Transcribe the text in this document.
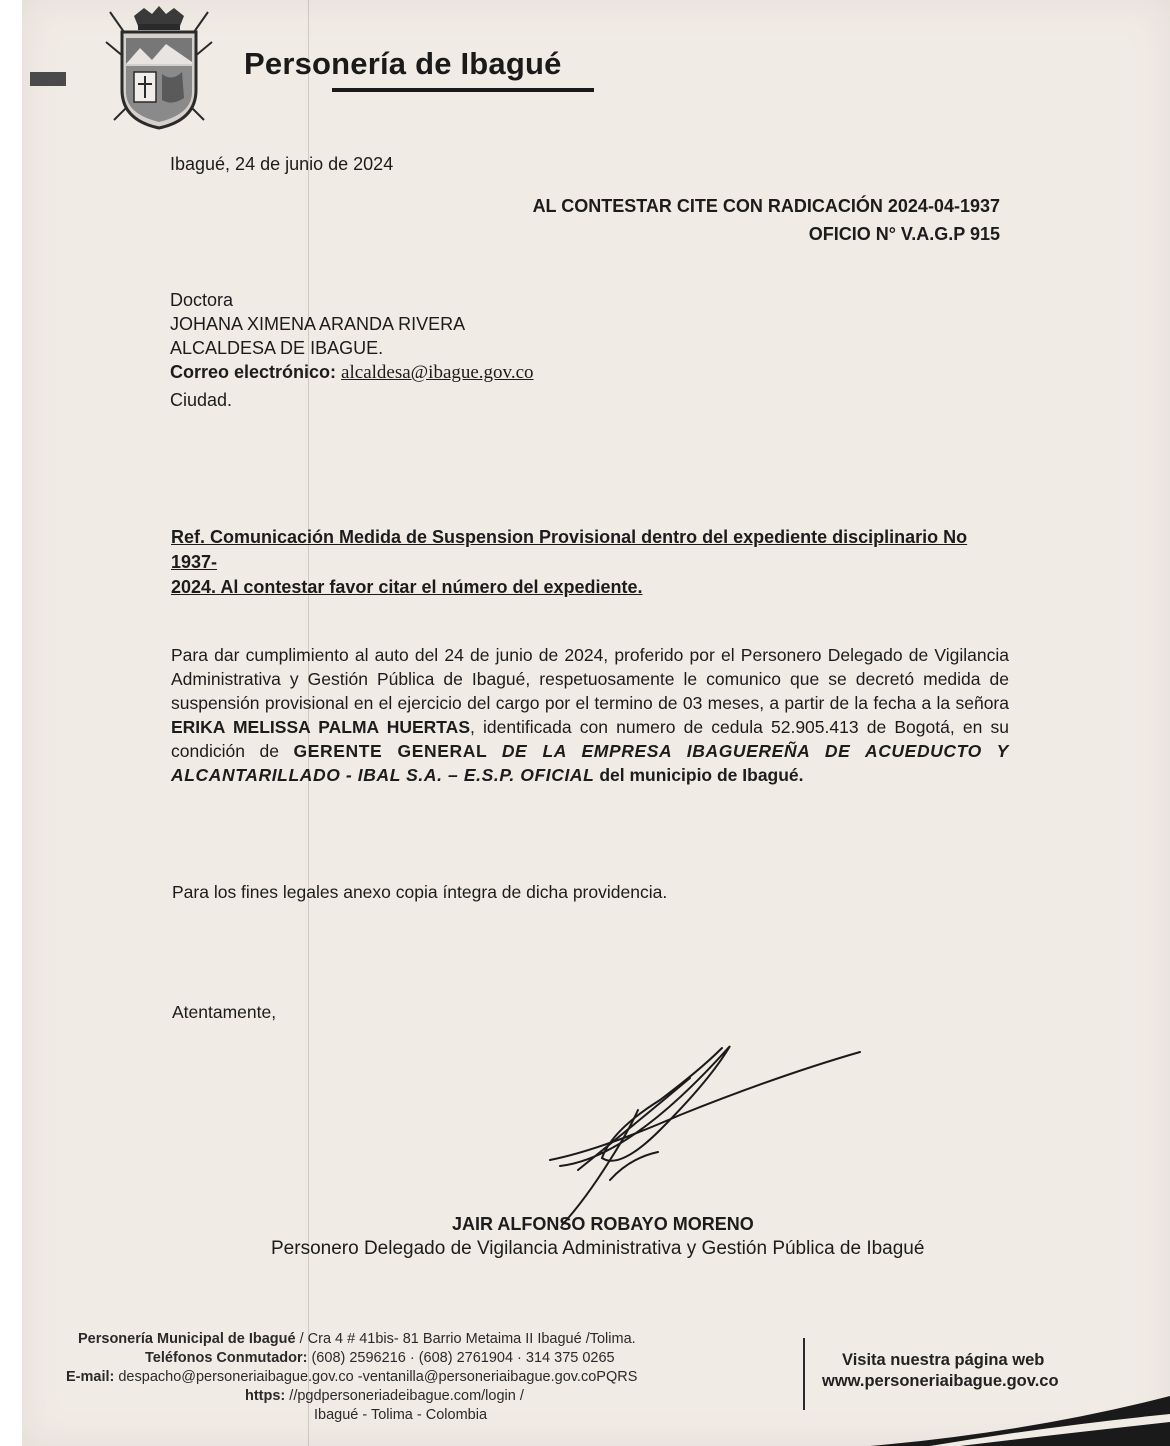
Personería de Ibagué
Ibagué, 24 de junio de 2024
AL CONTESTAR CITE CON RADICACIÓN 2024-04-1937
OFICIO N° V.A.G.P 915
Doctora
JOHANA XIMENA ARANDA RIVERA
ALCALDESA DE IBAGUE.
Correo electrónico: alcaldesa@ibague.gov.co
Ciudad.
Ref. Comunicación Medida de Suspension Provisional dentro del expediente disciplinario No 1937-
2024. Al contestar favor citar el número del expediente.
Para dar cumplimiento al auto del 24 de junio de 2024, proferido por el Personero Delegado de Vigilancia Administrativa y Gestión Pública de Ibagué, respetuosamente le comunico que se decretó medida de suspensión provisional en el ejercicio del cargo por el termino de 03 meses, a partir de la fecha a la señora ERIKA MELISSA PALMA HUERTAS, identificada con numero de cedula 52.905.413 de Bogotá, en su condición de GERENTE GENERAL DE LA EMPRESA IBAGUEREÑA DE ACUEDUCTO Y ALCANTARILLADO - IBAL S.A. – E.S.P. OFICIAL del municipio de Ibagué.
Para los fines legales anexo copia íntegra de dicha providencia.
Atentamente,
JAIR ALFONSO ROBAYO MORENO
Personero Delegado de Vigilancia Administrativa y Gestión Pública de Ibagué
Personería Municipal de Ibagué / Cra 4 # 41bis- 81 Barrio Metaima II Ibagué /Tolima.
Teléfonos Conmutador: (608) 2596216 · (608) 2761904 · 314 375 0265
E-mail: despacho@personeriaibague.gov.co -ventanilla@personeriaibague.gov.coPQRS
https: //pgdpersoneriadeibague.com/login /
Ibagué - Tolima - Colombia
Visita nuestra página web
www.personeriaibague.gov.co
